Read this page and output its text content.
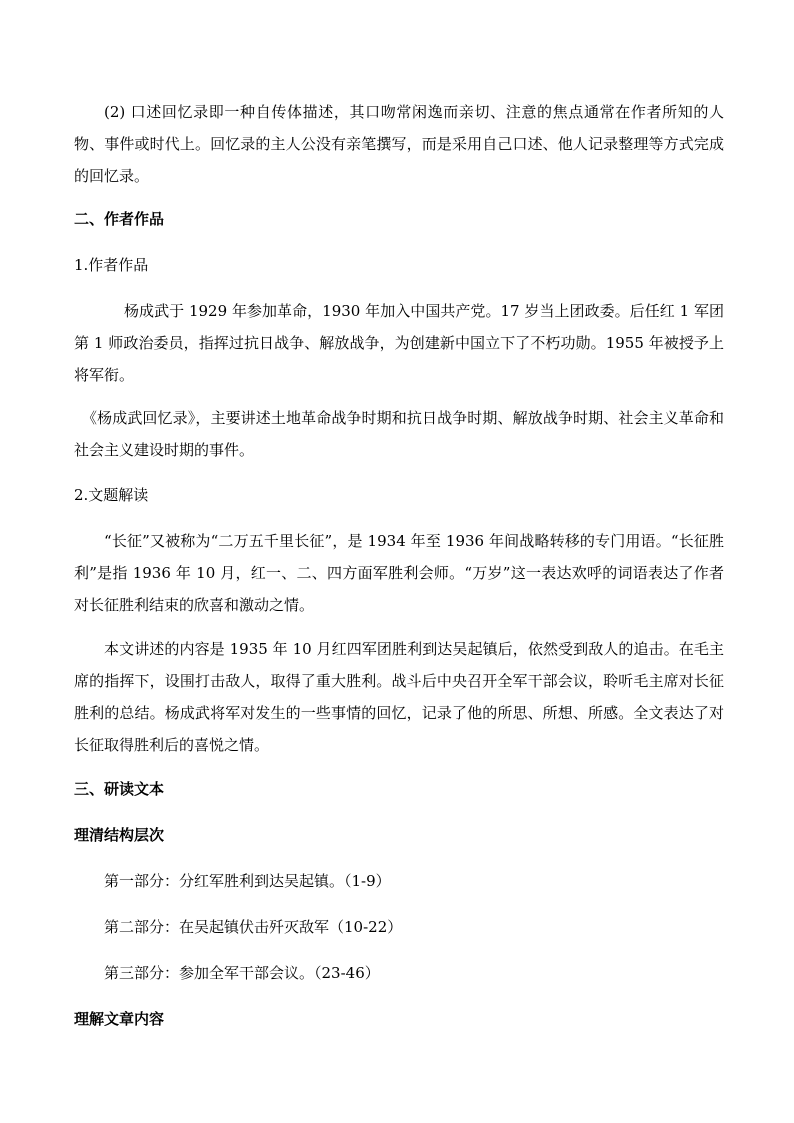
(2) 口述回忆录即一种自传体描述，其口吻常闲逸而亲切、注意的焦点通常在作者所知的人物、事件或时代上。回忆录的主人公没有亲笔撰写，而是采用自己口述、他人记录整理等方式完成的回忆录。

二、作者作品

1.作者作品

杨成武于 1929 年参加革命，1930 年加入中国共产党。17 岁当上团政委。后任红 1 军团第 1 师政治委员，指挥过抗日战争、解放战争，为创建新中国立下了不朽功勋。1955 年被授予上将军衔。

《杨成武回忆录》，主要讲述土地革命战争时期和抗日战争时期、解放战争时期、社会主义革命和社会主义建设时期的事件。

2.文题解读

“长征”又被称为“二万五千里长征”，是 1934 年至 1936 年间战略转移的专门用语。“长征胜利”是指 1936 年 10 月，红一、二、四方面军胜利会师。“万岁”这一表达欢呼的词语表达了作者对长征胜利结束的欣喜和激动之情。

本文讲述的内容是 1935 年 10 月红四军团胜利到达吴起镇后，依然受到敌人的追击。在毛主席的指挥下，设围打击敌人，取得了重大胜利。战斗后中央召开全军干部会议，聆听毛主席对长征胜利的总结。杨成武将军对发生的一些事情的回忆，记录了他的所思、所想、所感。全文表达了对长征取得胜利后的喜悦之情。

三、研读文本

理清结构层次

第一部分：分红军胜利到达吴起镇。（1-9）

第二部分：在吴起镇伏击歼灭敌军（10-22）

第三部分：参加全军干部会议。（23-46）

理解文章内容
